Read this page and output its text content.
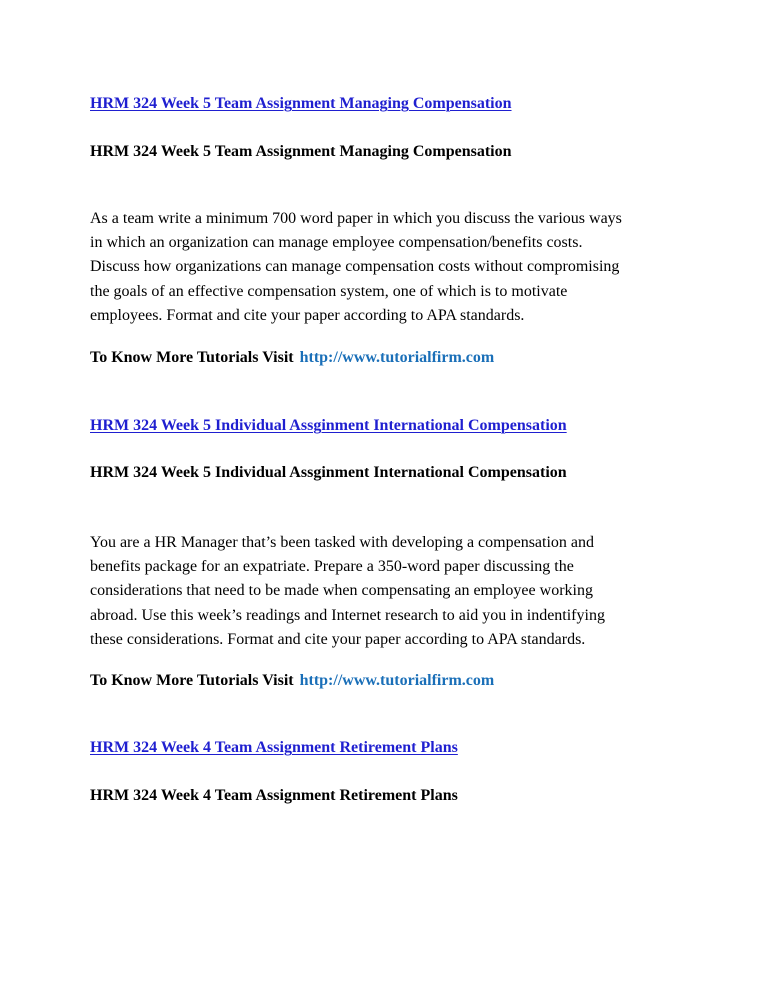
HRM 324 Week 5 Team Assignment Managing Compensation

HRM 324 Week 5 Team Assignment Managing Compensation

As a team write a minimum 700 word paper in which you discuss the various ways
in which an organization can manage employee compensation/benefits costs.
Discuss how organizations can manage compensation costs without compromising
the goals of an effective compensation system, one of which is to motivate
employees. Format and cite your paper according to APA standards.

To Know More Tutorials Visit http://www.tutorialfirm.com

HRM 324 Week 5 Individual Assginment International Compensation

HRM 324 Week 5 Individual Assginment International Compensation

You are a HR Manager that’s been tasked with developing a compensation and
benefits package for an expatriate. Prepare a 350-word paper discussing the
considerations that need to be made when compensating an employee working
abroad. Use this week’s readings and Internet research to aid you in indentifying
these considerations. Format and cite your paper according to APA standards.

To Know More Tutorials Visit http://www.tutorialfirm.com

HRM 324 Week 4 Team Assignment Retirement Plans

HRM 324 Week 4 Team Assignment Retirement Plans
